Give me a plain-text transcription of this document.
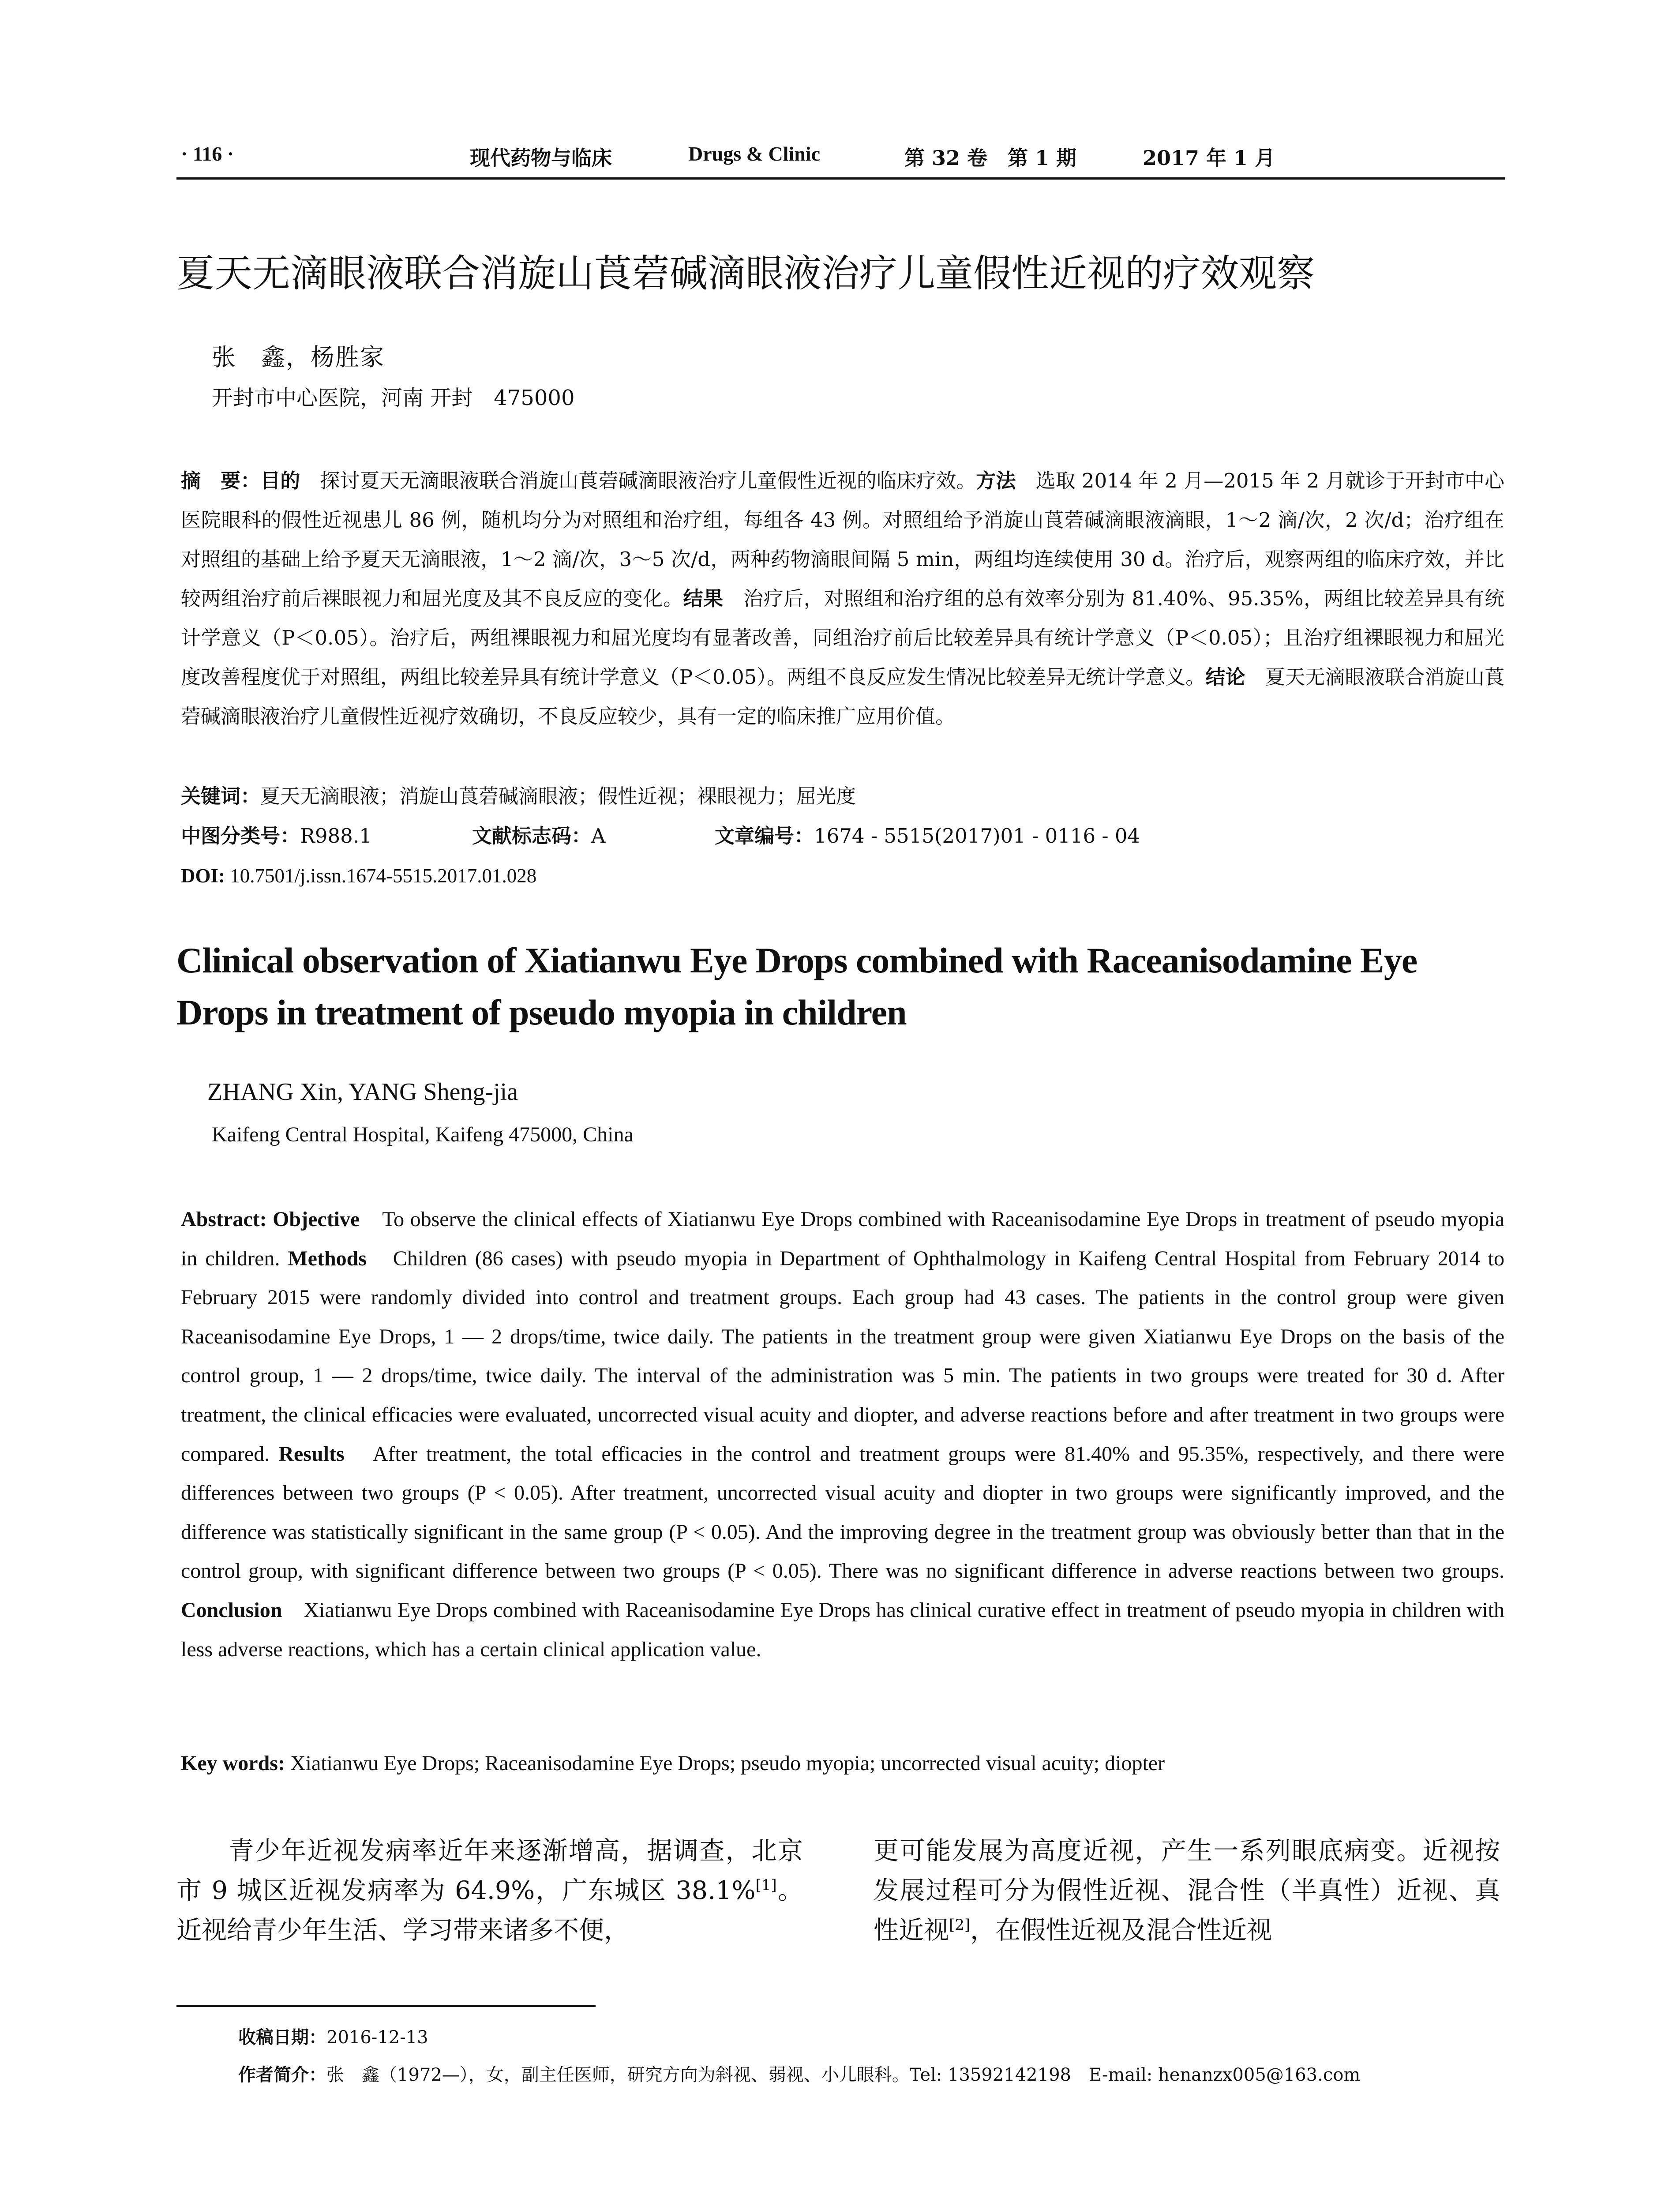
· 116 ·	现代药物与临床	Drugs & Clinic	第 32 卷　第 1 期	2017 年 1 月
夏天无滴眼液联合消旋山莨菪碱滴眼液治疗儿童假性近视的疗效观察
张　鑫，杨胜家
开封市中心医院，河南 开封　475000
摘　要：目的　探讨夏天无滴眼液联合消旋山莨菪碱滴眼液治疗儿童假性近视的临床疗效。方法　选取 2014 年 2 月—2015 年 2 月就诊于开封市中心医院眼科的假性近视患儿 86 例，随机均分为对照组和治疗组，每组各 43 例。对照组给予消旋山莨菪碱滴眼液滴眼，1～2 滴/次，2 次/d；治疗组在对照组的基础上给予夏天无滴眼液，1～2 滴/次，3～5 次/d，两种药物滴眼间隔 5 min，两组均连续使用 30 d。治疗后，观察两组的临床疗效，并比较两组治疗前后裸眼视力和屈光度及其不良反应的变化。结果　治疗后，对照组和治疗组的总有效率分别为 81.40%、95.35%，两组比较差异具有统计学意义（P＜0.05）。治疗后，两组裸眼视力和屈光度均有显著改善，同组治疗前后比较差异具有统计学意义（P＜0.05）；且治疗组裸眼视力和屈光度改善程度优于对照组，两组比较差异具有统计学意义（P＜0.05）。两组不良反应发生情况比较差异无统计学意义。结论　夏天无滴眼液联合消旋山莨菪碱滴眼液治疗儿童假性近视疗效确切，不良反应较少，具有一定的临床推广应用价值。
关键词：夏天无滴眼液；消旋山莨菪碱滴眼液；假性近视；裸眼视力；屈光度
中图分类号： R988.1	文献标志码： A	文章编号： 1674 - 5515(2017)01 - 0116 - 04
DOI: 10.7501/j.issn.1674-5515.2017.01.028
Clinical observation of Xiatianwu Eye Drops combined with Raceanisodamine Eye Drops in treatment of pseudo myopia in children
ZHANG Xin, YANG Sheng-jia
Kaifeng Central Hospital, Kaifeng 475000, China
Abstract: Objective　To observe the clinical effects of Xiatianwu Eye Drops combined with Raceanisodamine Eye Drops in treatment of pseudo myopia in children. Methods　Children (86 cases) with pseudo myopia in Department of Ophthalmology in Kaifeng Central Hospital from February 2014 to February 2015 were randomly divided into control and treatment groups. Each group had 43 cases. The patients in the control group were given Raceanisodamine Eye Drops, 1 — 2 drops/time, twice daily. The patients in the treatment group were given Xiatianwu Eye Drops on the basis of the control group, 1 — 2 drops/time, twice daily. The interval of the administration was 5 min. The patients in two groups were treated for 30 d. After treatment, the clinical efficacies were evaluated, uncorrected visual acuity and diopter, and adverse reactions before and after treatment in two groups were compared. Results　After treatment, the total efficacies in the control and treatment groups were 81.40% and 95.35%, respectively, and there were differences between two groups (P < 0.05). After treatment, uncorrected visual acuity and diopter in two groups were significantly improved, and the difference was statistically significant in the same group (P < 0.05). And the improving degree in the treatment group was obviously better than that in the control group, with significant difference between two groups (P < 0.05). There was no significant difference in adverse reactions between two groups. Conclusion　Xiatianwu Eye Drops combined with Raceanisodamine Eye Drops has clinical curative effect in treatment of pseudo myopia in children with less adverse reactions, which has a certain clinical application value.
Key words: Xiatianwu Eye Drops; Raceanisodamine Eye Drops; pseudo myopia; uncorrected visual acuity; diopter
　　青少年近视发病率近年来逐渐增高，据调查，北京市 9 城区近视发病率为 64.9%，广东城区 38.1%[1]。近视给青少年生活、学习带来诸多不便，
更可能发展为高度近视，产生一系列眼底病变。近视按发展过程可分为假性近视、混合性（半真性）近视、真性近视[2]，在假性近视及混合性近视
收稿日期：2016-12-13
作者简介：张　鑫（1972—），女，副主任医师，研究方向为斜视、弱视、小儿眼科。Tel: 13592142198　E-mail: henanzx005@163.com
